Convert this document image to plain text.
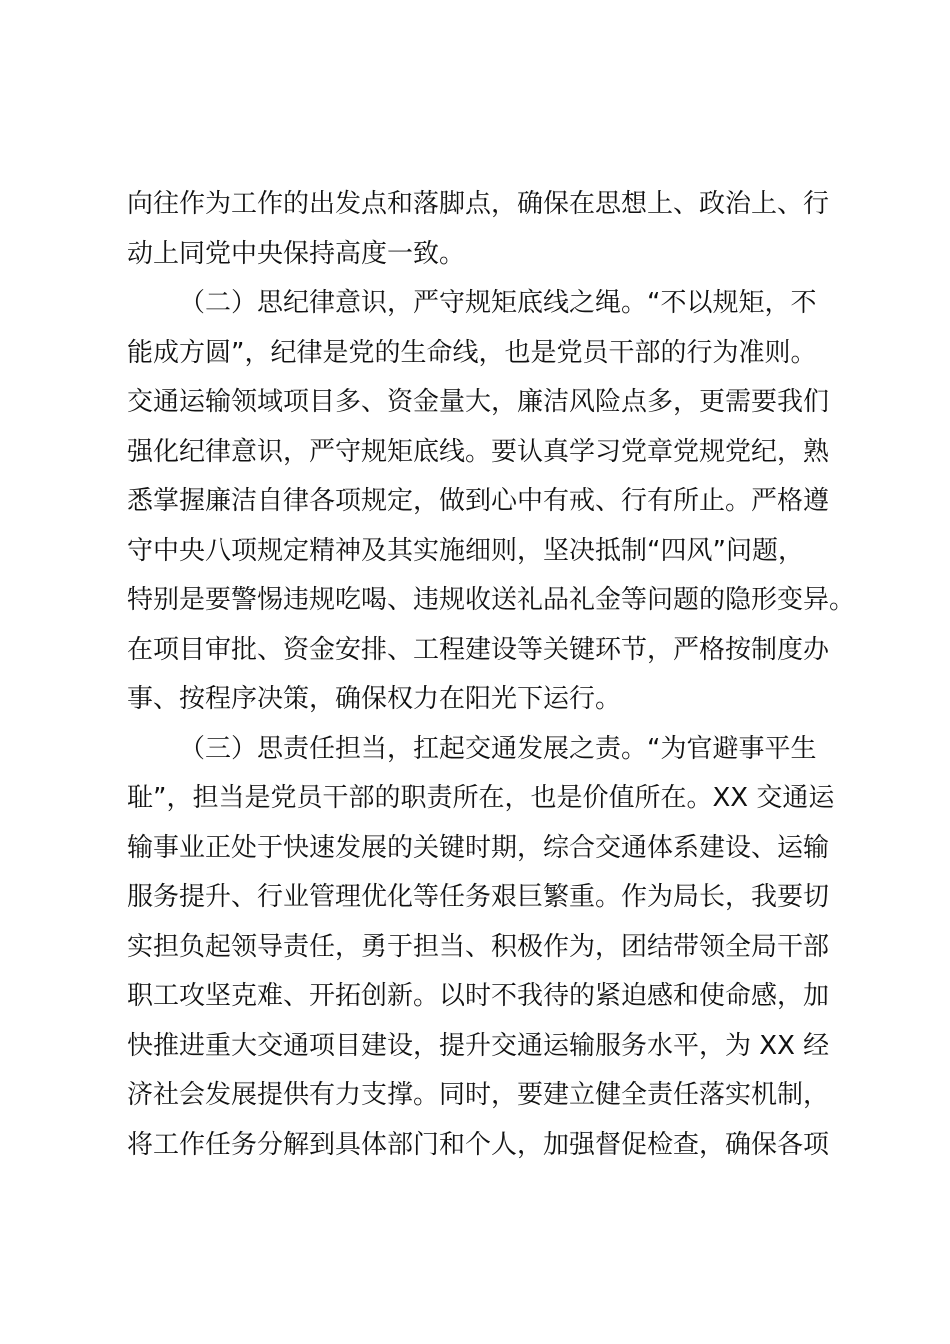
向往作为工作的出发点和落脚点，确保在思想上、政治上、行
动上同党中央保持高度一致。
（二）思纪律意识，严守规矩底线之绳。“不以规矩，不
能成方圆”，纪律是党的生命线，也是党员干部的行为准则。
交通运输领域项目多、资金量大，廉洁风险点多，更需要我们
强化纪律意识，严守规矩底线。要认真学习党章党规党纪，熟
悉掌握廉洁自律各项规定，做到心中有戒、行有所止。严格遵
守中央八项规定精神及其实施细则，坚决抵制“四风”问题，
特别是要警惕违规吃喝、违规收送礼品礼金等问题的隐形变异。
在项目审批、资金安排、工程建设等关键环节，严格按制度办
事、按程序决策，确保权力在阳光下运行。
（三）思责任担当，扛起交通发展之责。“为官避事平生
耻”，担当是党员干部的职责所在，也是价值所在。XX 交通运
输事业正处于快速发展的关键时期，综合交通体系建设、运输
服务提升、行业管理优化等任务艰巨繁重。作为局长，我要切
实担负起领导责任，勇于担当、积极作为，团结带领全局干部
职工攻坚克难、开拓创新。以时不我待的紧迫感和使命感，加
快推进重大交通项目建设，提升交通运输服务水平，为 XX 经
济社会发展提供有力支撑。同时，要建立健全责任落实机制，
将工作任务分解到具体部门和个人，加强督促检查，确保各项
